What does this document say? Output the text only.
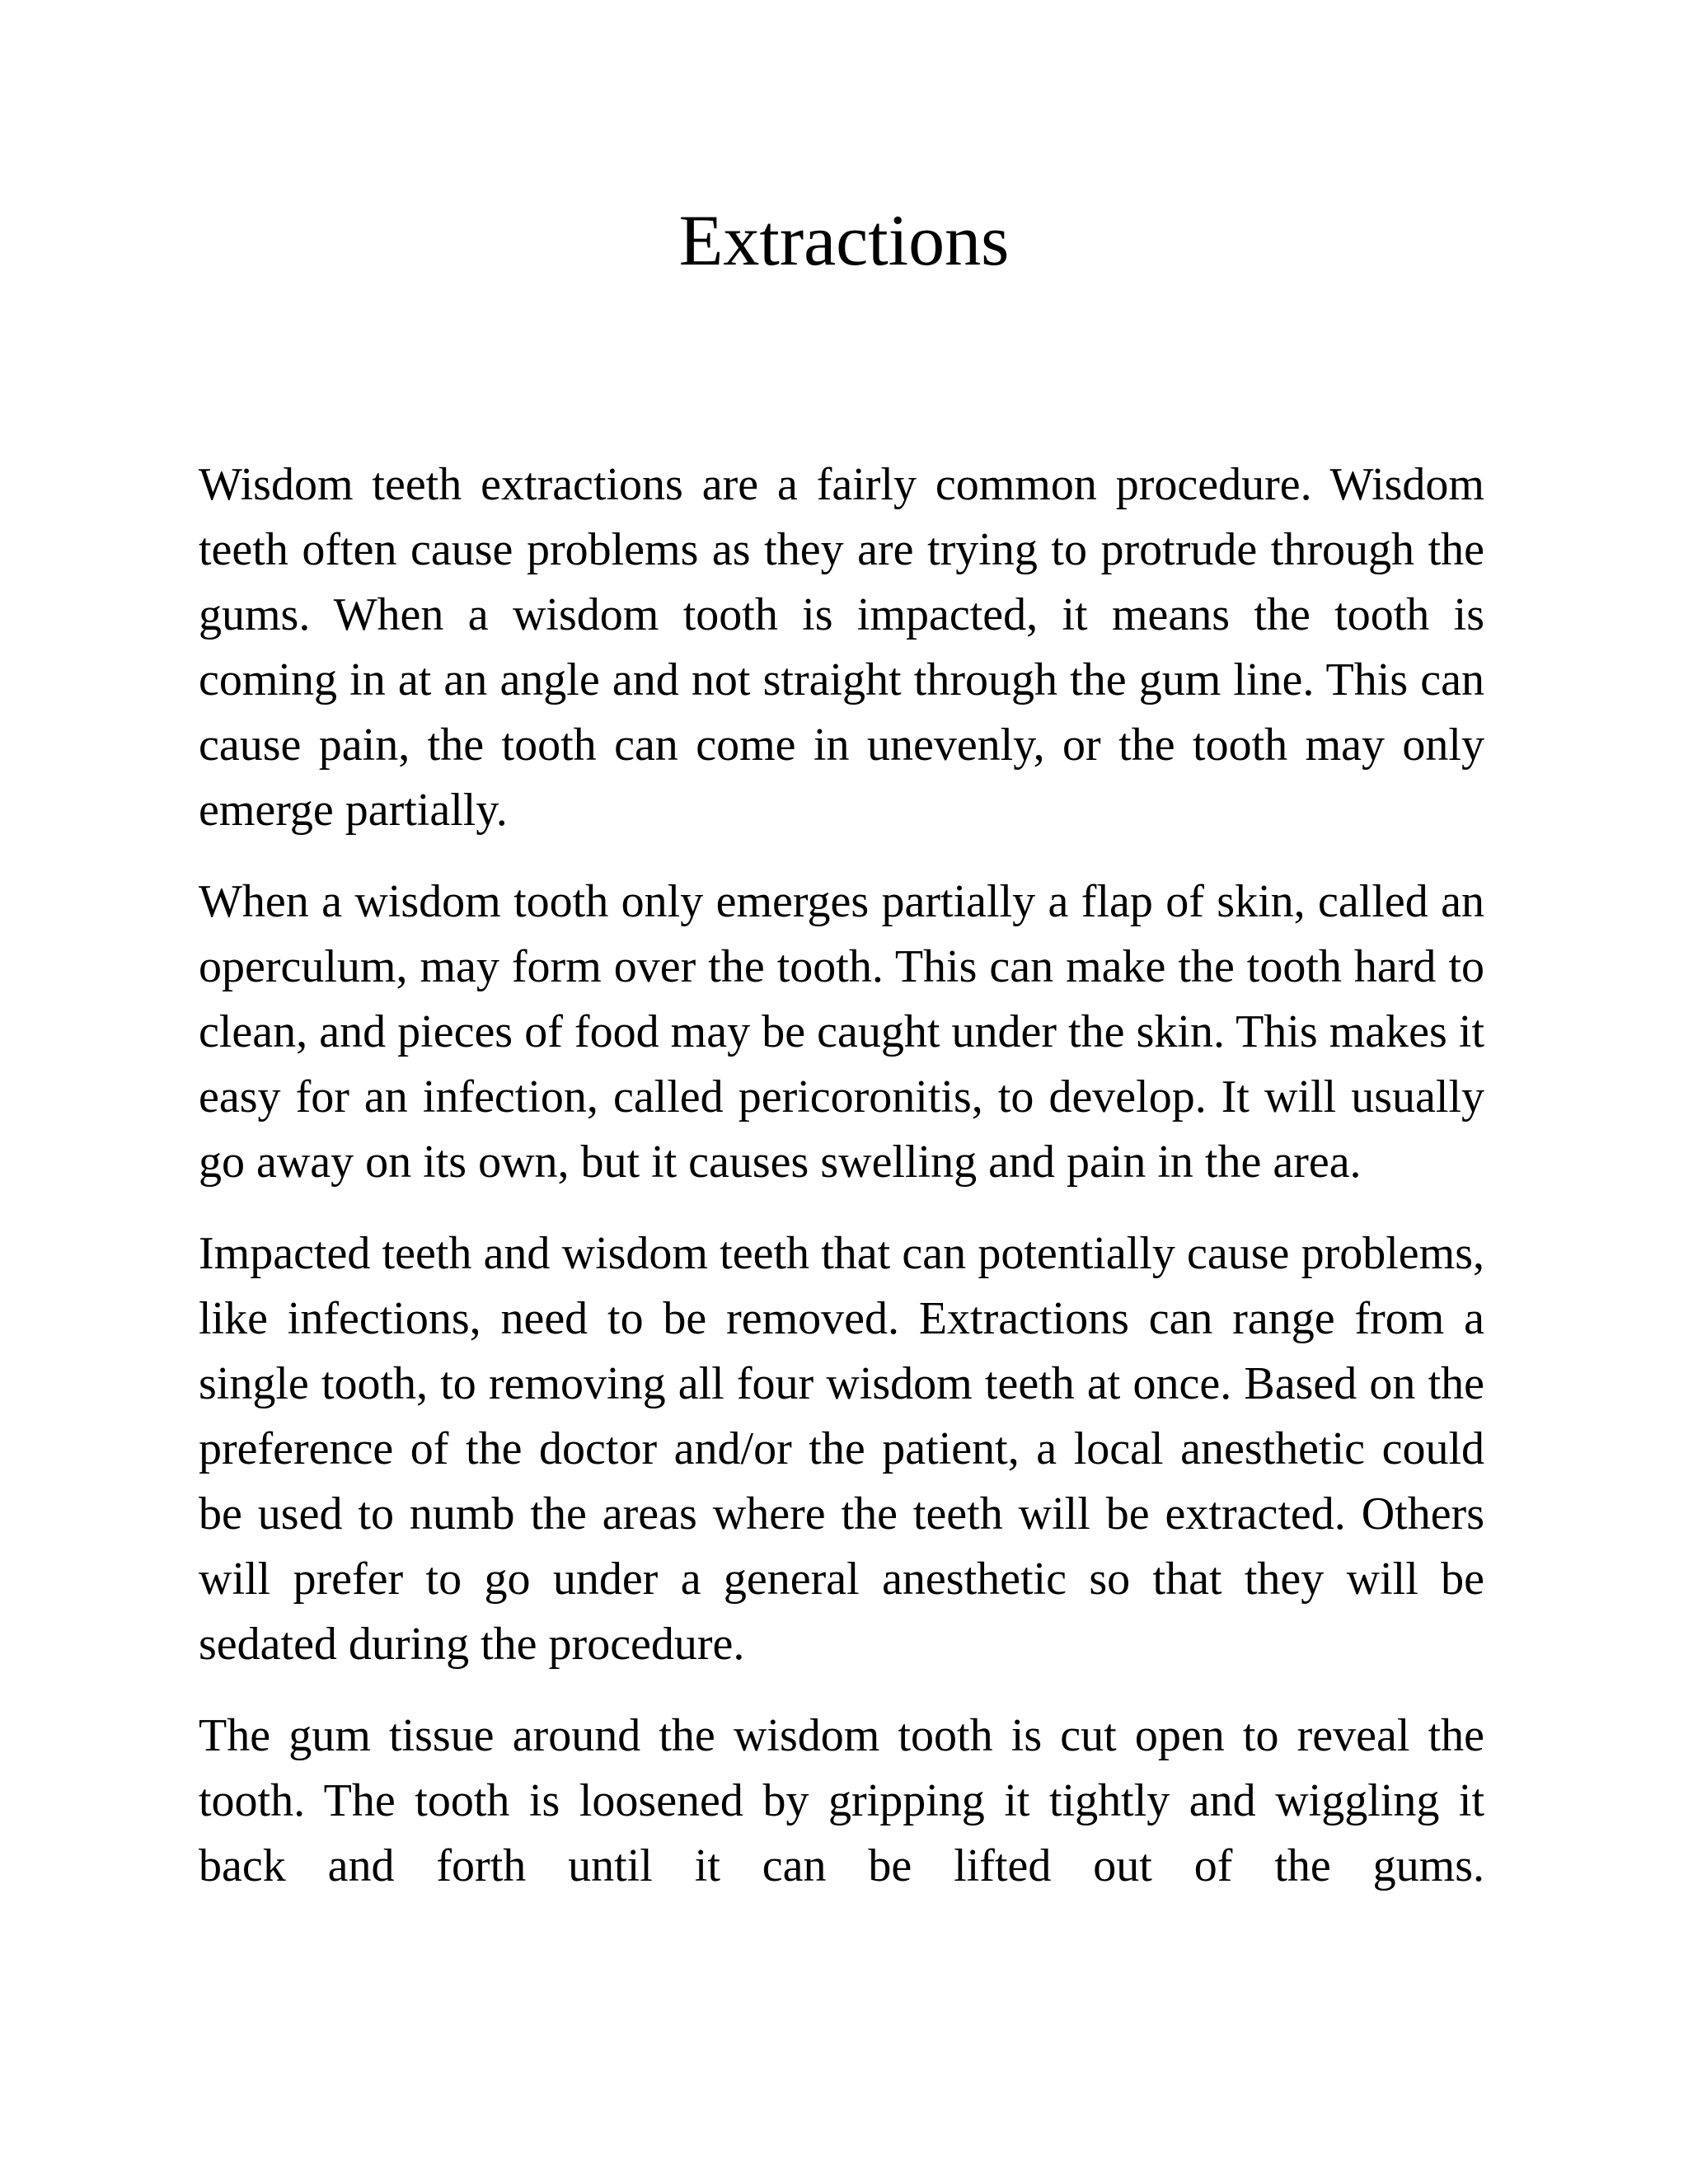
Extractions

Wisdom teeth extractions are a fairly common procedure. Wisdom teeth often cause problems as they are trying to protrude through the gums. When a wisdom tooth is impacted, it means the tooth is coming in at an angle and not straight through the gum line. This can cause pain, the tooth can come in unevenly, or the tooth may only emerge partially.

When a wisdom tooth only emerges partially a flap of skin, called an operculum, may form over the tooth. This can make the tooth hard to clean, and pieces of food may be caught under the skin. This makes it easy for an infection, called pericoronitis, to develop. It will usually go away on its own, but it causes swelling and pain in the area.

Impacted teeth and wisdom teeth that can potentially cause problems, like infections, need to be removed. Extractions can range from a single tooth, to removing all four wisdom teeth at once. Based on the preference of the doctor and/or the patient, a local anesthetic could be used to numb the areas where the teeth will be extracted. Others will prefer to go under a general anesthetic so that they will be sedated during the procedure.

The gum tissue around the wisdom tooth is cut open to reveal the tooth. The tooth is loosened by gripping it tightly and wiggling it back and forth until it can be lifted out of the gums.
